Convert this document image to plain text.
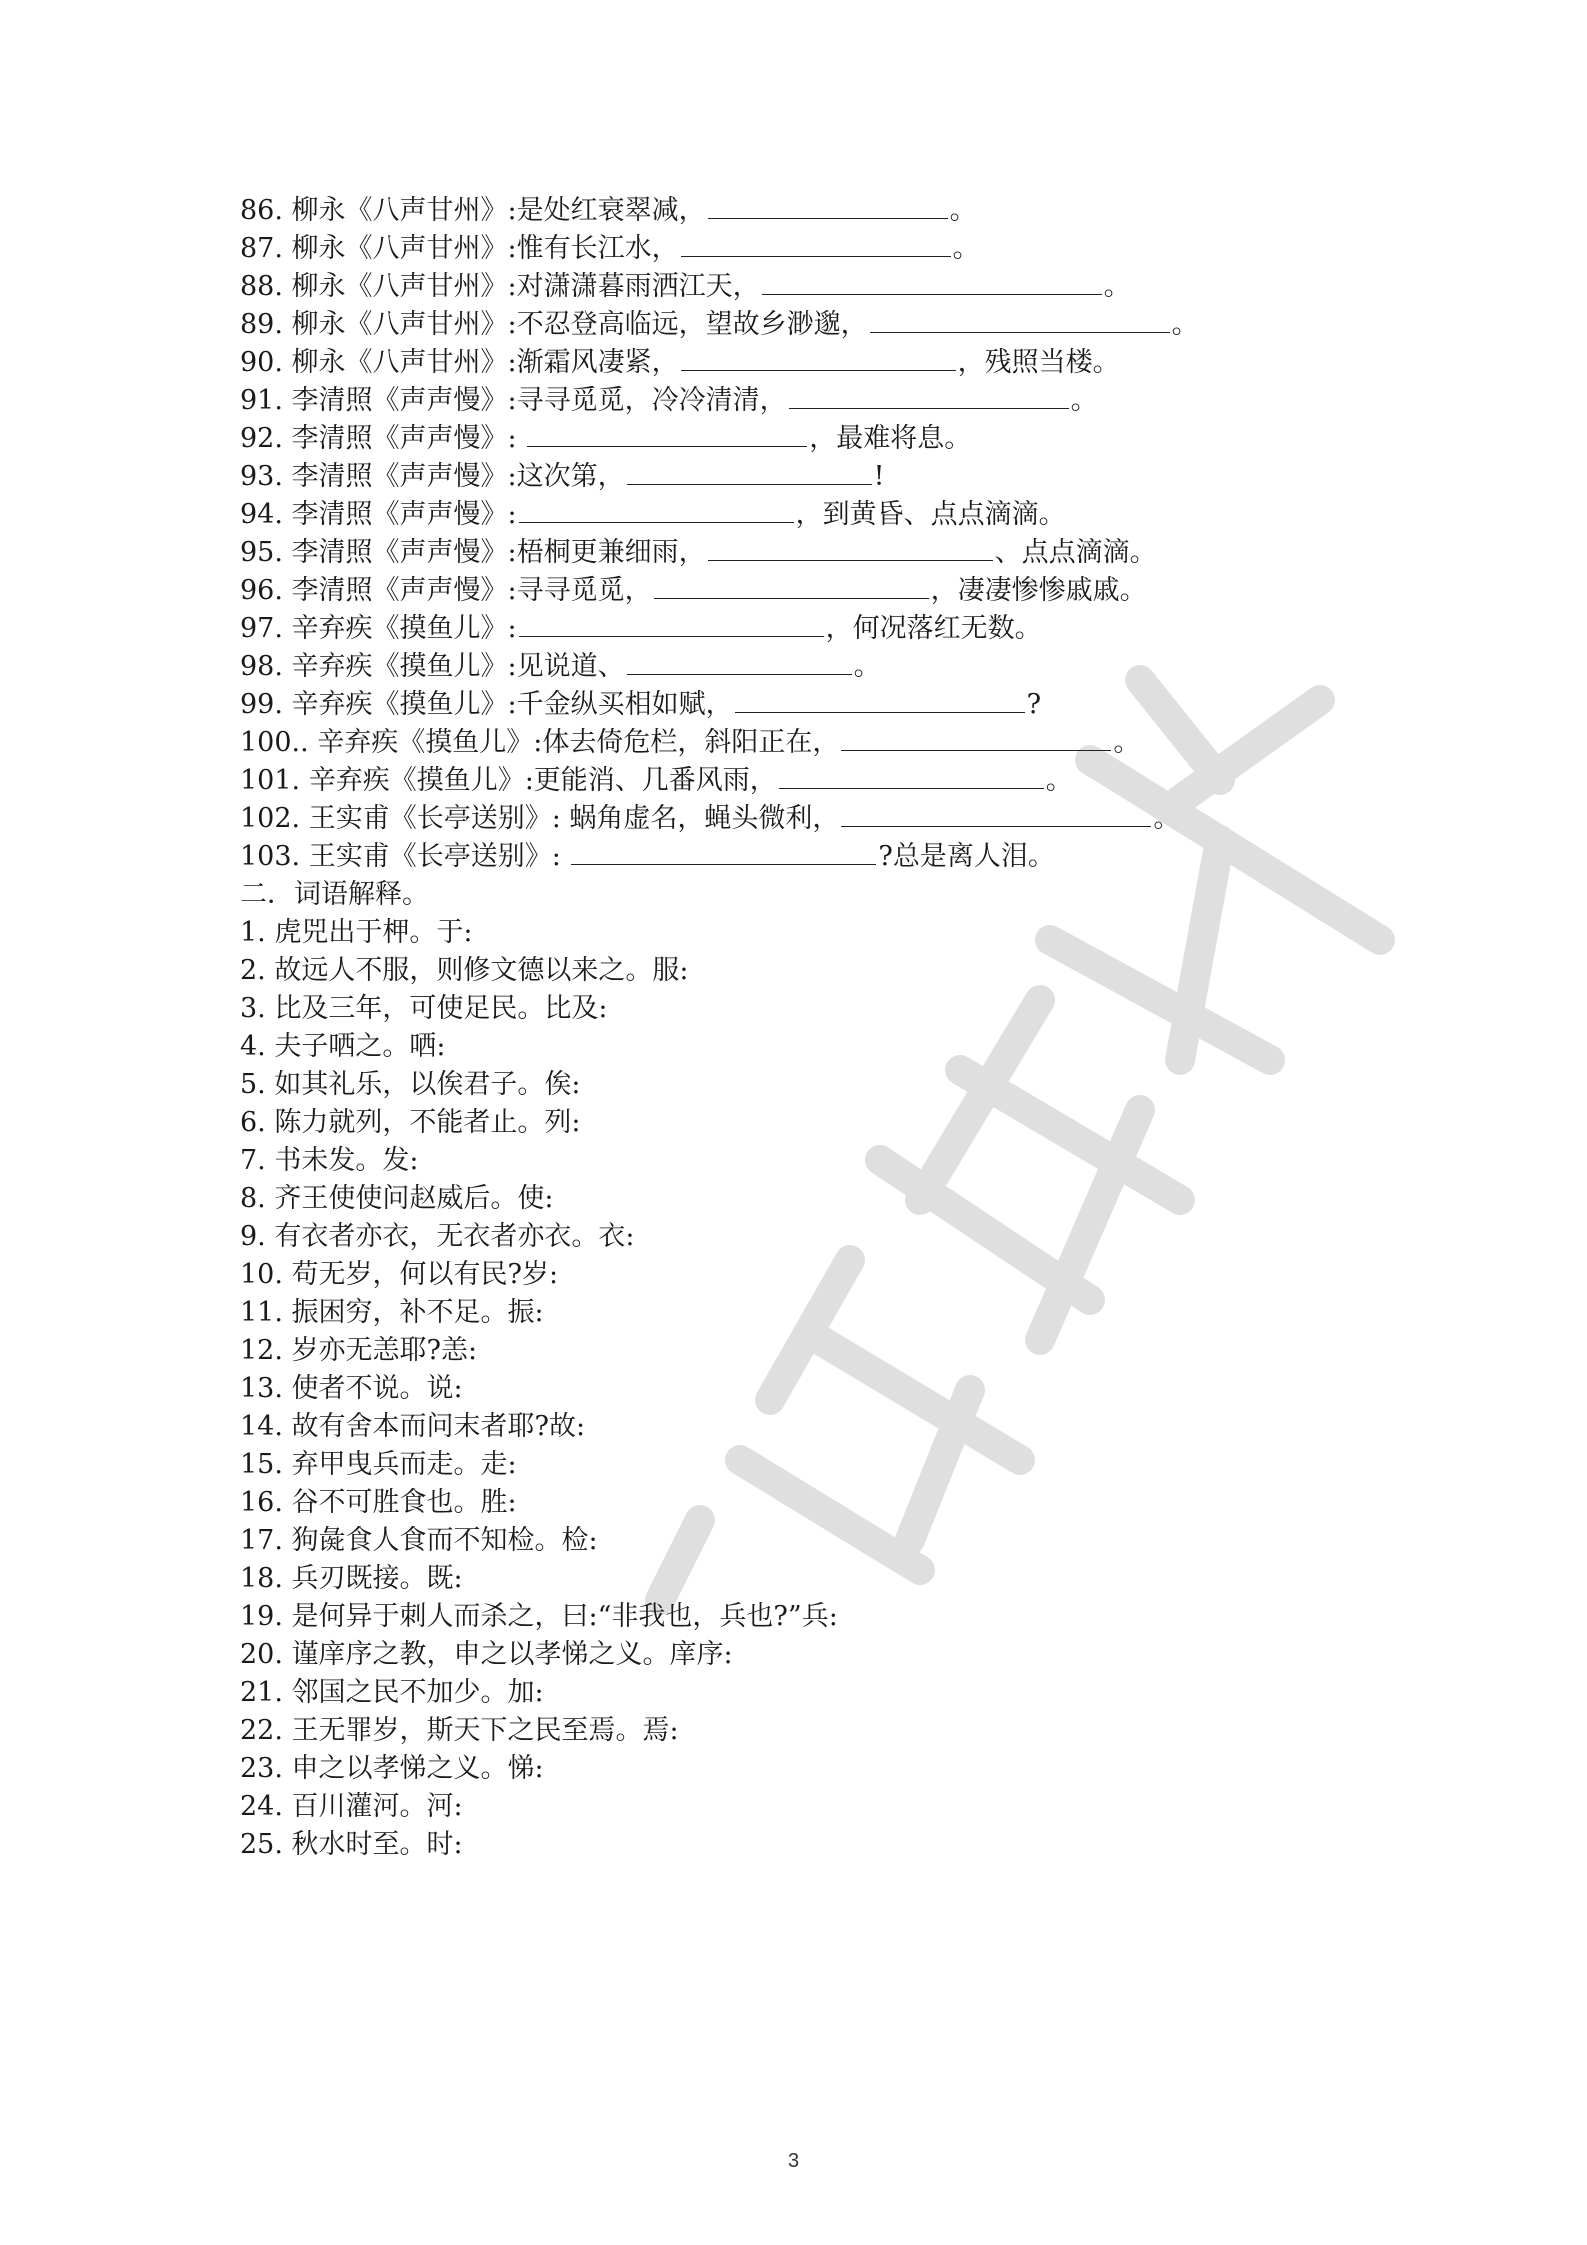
86. 柳永《八声甘州》:是处红衰翠减，	。
87. 柳永《八声甘州》:惟有长江水，	。
88. 柳永《八声甘州》:对潇潇暮雨洒江天，	。
89. 柳永《八声甘州》:不忍登高临远，望故乡渺邈，	。
90. 柳永《八声甘州》:渐霜风凄紧，	，残照当楼。
91. 李清照《声声慢》:寻寻觅觅，冷冷清清，	。
92. 李清照《声声慢》:	，最难将息。
93. 李清照《声声慢》:这次第，	!
94. 李清照《声声慢》:	，到黄昏、点点滴滴。
95. 李清照《声声慢》:梧桐更兼细雨，	、点点滴滴。
96. 李清照《声声慢》:寻寻觅觅，	，凄凄惨惨戚戚。
97. 辛弃疾《摸鱼儿》:	，何况落红无数。
98. 辛弃疾《摸鱼儿》:见说道、	。
99. 辛弃疾《摸鱼儿》:千金纵买相如赋，	?
100.. 辛弃疾《摸鱼儿》:体去倚危栏，斜阳正在，	。
101. 辛弃疾《摸鱼儿》:更能消、几番风雨，	。
102. 王实甫《长亭送别》: 蜗角虚名，蝇头微利，	。
103. 王实甫《长亭送别》:	?总是离人泪。
二．词语解释。
1. 虎兕出于柙。于:
2. 故远人不服，则修文德以来之。服:
3. 比及三年，可使足民。比及:
4. 夫子哂之。哂:
5. 如其礼乐，以俟君子。俟:
6. 陈力就列，不能者止。列:
7. 书未发。发:
8. 齐王使使问赵威后。使:
9. 有衣者亦衣，无衣者亦衣。衣:
10. 苟无岁，何以有民?岁:
11. 振困穷，补不足。振:
12. 岁亦无恙耶?恙:
13. 使者不说。说:
14. 故有舍本而问末者耶?故:
15. 弃甲曳兵而走。走:
16. 谷不可胜食也。胜:
17. 狗彘食人食而不知检。检:
18. 兵刃既接。既:
19. 是何异于刺人而杀之，曰:“非我也，兵也?”兵:
20. 谨庠序之教，申之以孝悌之义。庠序:
21. 邻国之民不加少。加:
22. 王无罪岁，斯天下之民至焉。焉:
23. 申之以孝悌之义。悌:
24. 百川灌河。河:
25. 秋水时至。时:
3
